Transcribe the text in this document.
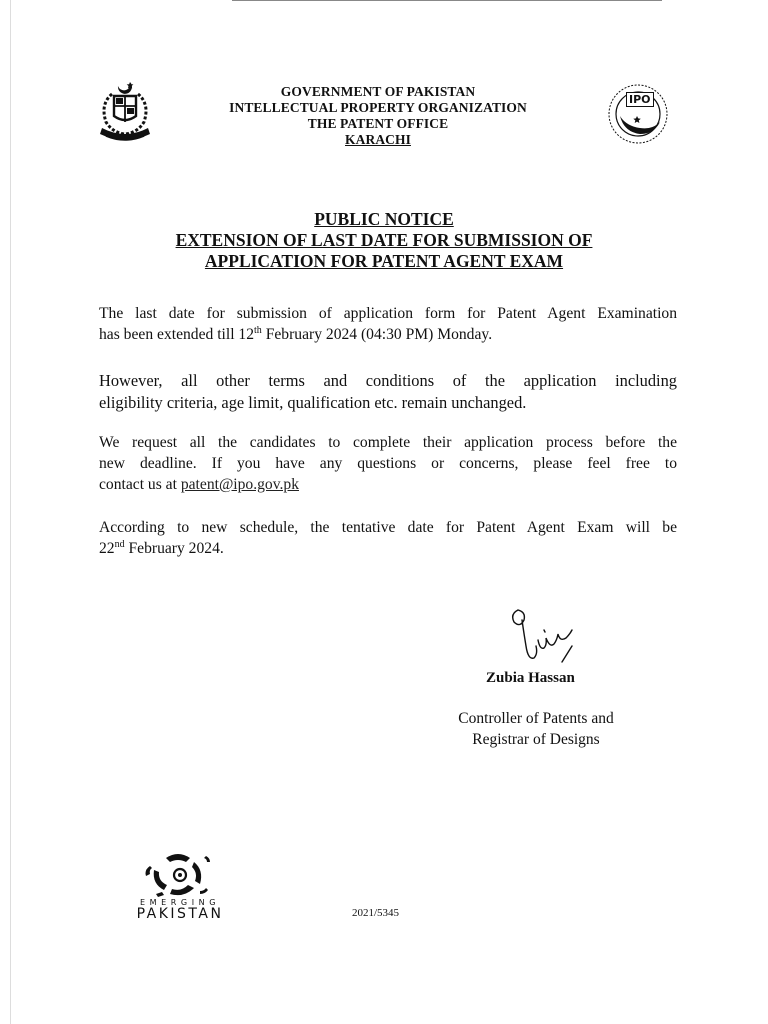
GOVERNMENT OF PAKISTAN
INTELLECTUAL PROPERTY ORGANIZATION
THE PATENT OFFICE
KARACHI
IPO
PUBLIC NOTICE
EXTENSION OF LAST DATE FOR SUBMISSION OF
APPLICATION FOR PATENT AGENT EXAM
The last date for submission of application form for Patent Agent Examination
has been extended till 12th February 2024 (04:30 PM) Monday.
However, all other terms and conditions of the application including
eligibility criteria, age limit, qualification etc. remain unchanged.
We request all the candidates to complete their application process before the
new deadline. If you have any questions or concerns, please feel free to
contact us at patent@ipo.gov.pk
According to new schedule, the tentative date for Patent Agent Exam will be
22nd February 2024.
Zubia Hassan
Controller of Patents and
Registrar of Designs
EMERGING
PAKISTAN	2021/5345
